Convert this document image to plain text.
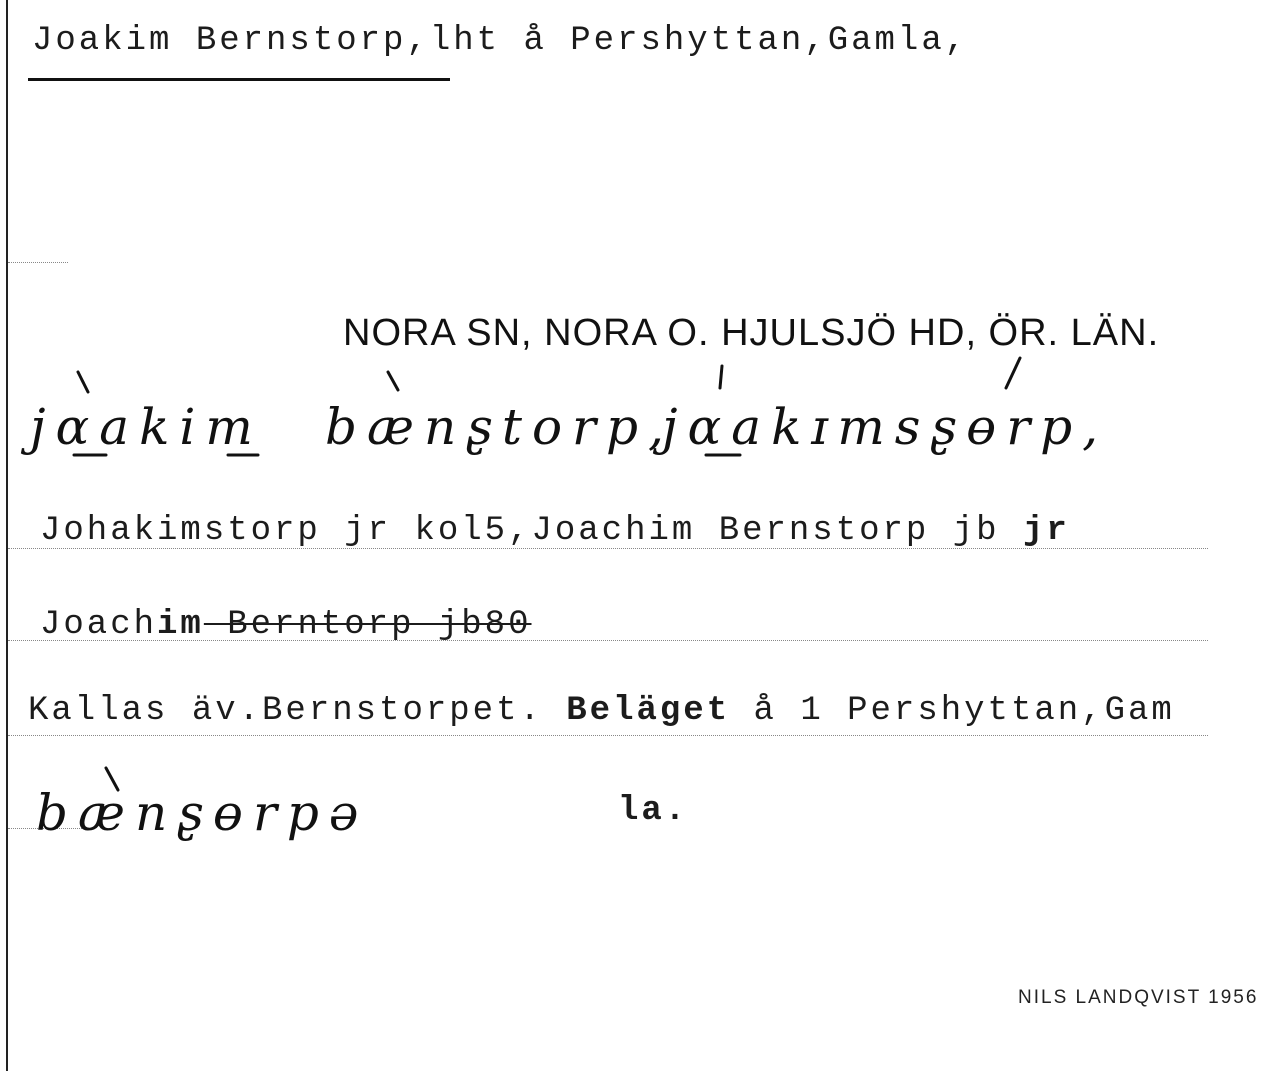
Joakim Bernstorp,lht å Pershyttan,Gamla,
NORA SN, NORA O. HJULSJÖ HD, ÖR. LÄN.
jɑakim bænʂtorp,
jɑakɪmsʂɵrp,
Johakimstorp jr kol5,Joachim Bernstorp jb jr
Joachim Berntorp jb80
Kallas äv.Bernstorpet. Beläget å 1 Pershyttan,Gam
bænʂɵrpə	la.
NILS LANDQVIST 1956
